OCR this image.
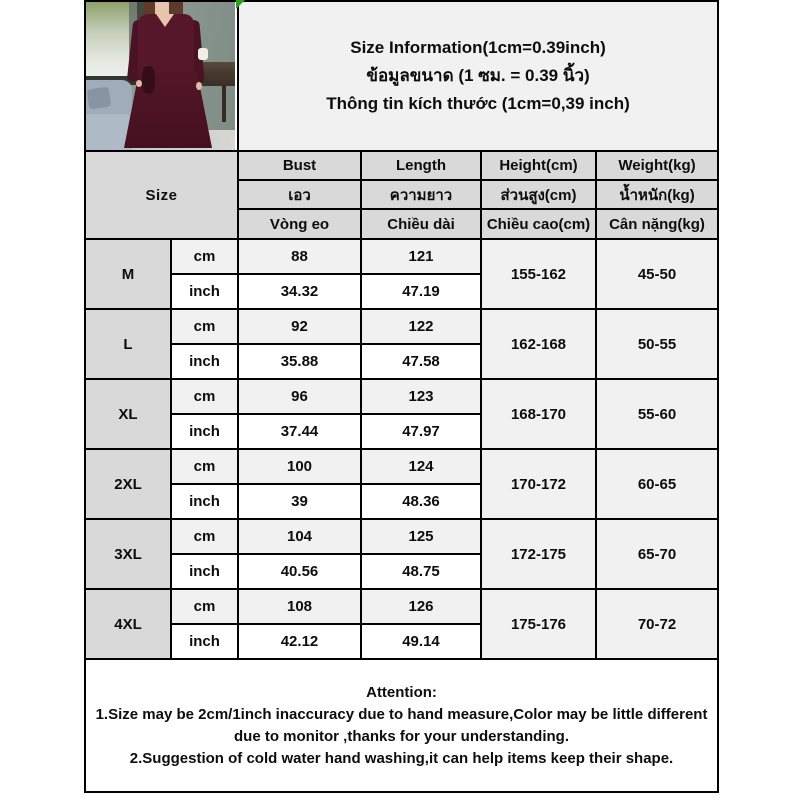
		Size Information(1cm=0.39inch)
ข้อมูลขนาด (1 ซม. = 0.39 นิ้ว)
Thông tin kích thước (1cm=0,39 inch)			

Size		Bust	Length	Height(cm)	Weight(kg)
		เอว	ความยาว	ส่วนสูง(cm)	น้ำหนัก(kg)
		Vòng eo	Chiều dài	Chiều cao(cm)	Cân nặng(kg)
M	cm	88	121	155-162	45-50
	inch	34.32	47.19		
L	cm	92	122	162-168	50-55
	inch	35.88	47.58		
XL	cm	96	123	168-170	55-60
	inch	37.44	47.97		
2XL	cm	100	124	170-172	60-65
	inch	39	48.36		
3XL	cm	104	125	172-175	65-70
	inch	40.56	48.75		
4XL	cm	108	126	175-176	70-72
	inch	42.12	49.14		

Attention:
1.Size may be 2cm/1inch inaccuracy due to hand measure,Color may be little different due to monitor ,thanks for your understanding.
2.Suggestion of cold water hand washing,it can help items keep their shape.					
